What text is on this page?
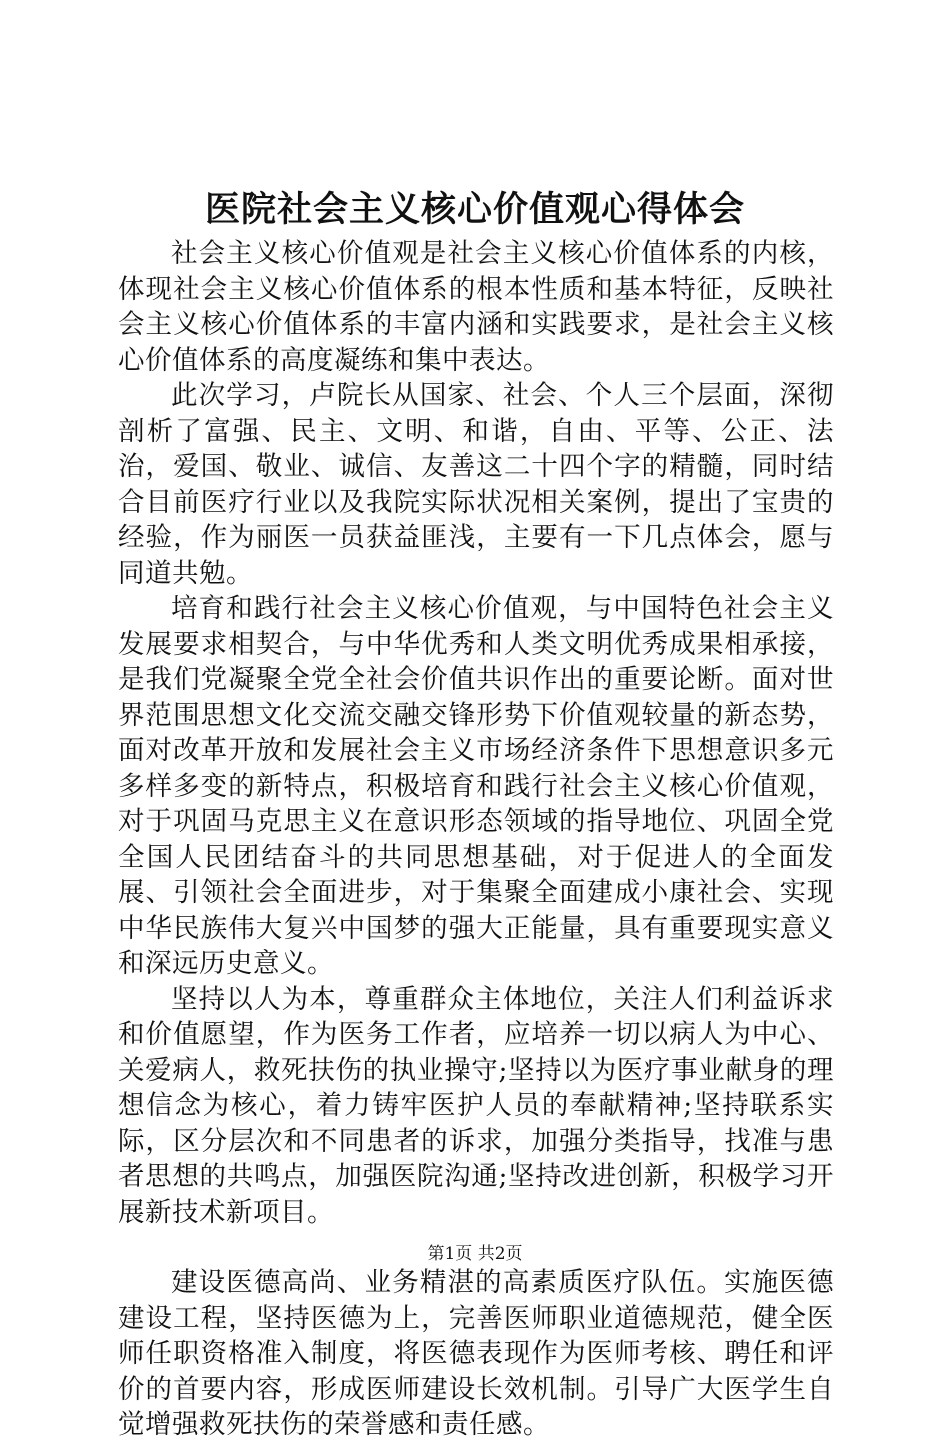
医院社会主义核心价值观心得体会

社会主义核心价值观是社会主义核心价值体系的内核，体现社会主义核心价值体系的根本性质和基本特征，反映社会主义核心价值体系的丰富内涵和实践要求，是社会主义核心价值体系的高度凝练和集中表达。

此次学习，卢院长从国家、社会、个人三个层面，深彻剖析了富强、民主、文明、和谐，自由、平等、公正、法治，爱国、敬业、诚信、友善这二十四个字的精髓，同时结合目前医疗行业以及我院实际状况相关案例，提出了宝贵的经验，作为丽医一员获益匪浅，主要有一下几点体会，愿与同道共勉。

培育和践行社会主义核心价值观，与中国特色社会主义发展要求相契合，与中华优秀和人类文明优秀成果相承接，是我们党凝聚全党全社会价值共识作出的重要论断。面对世界范围思想文化交流交融交锋形势下价值观较量的新态势，面对改革开放和发展社会主义市场经济条件下思想意识多元多样多变的新特点，积极培育和践行社会主义核心价值观，对于巩固马克思主义在意识形态领域的指导地位、巩固全党全国人民团结奋斗的共同思想基础，对于促进人的全面发展、引领社会全面进步，对于集聚全面建成小康社会、实现中华民族伟大复兴中国梦的强大正能量，具有重要现实意义和深远历史意义。

坚持以人为本，尊重群众主体地位，关注人们利益诉求和价值愿望，作为医务工作者，应培养一切以病人为中心、关爱病人，救死扶伤的执业操守;坚持以为医疗事业献身的理想信念为核心，着力铸牢医护人员的奉献精神;坚持联系实际，区分层次和不同患者的诉求，加强分类指导，找准与患者思想的共鸣点，加强医院沟通;坚持改进创新，积极学习开展新技术新项目。

建设医德高尚、业务精湛的高素质医疗队伍。实施医德建设工程，坚持医德为上，完善医师职业道德规范，健全医师任职资格准入制度，将医德表现作为医师考核、聘任和评价的首要内容，形成医师建设长效机制。引导广大医学生自觉增强救死扶伤的荣誉感和责任感。

第1页 共2页
